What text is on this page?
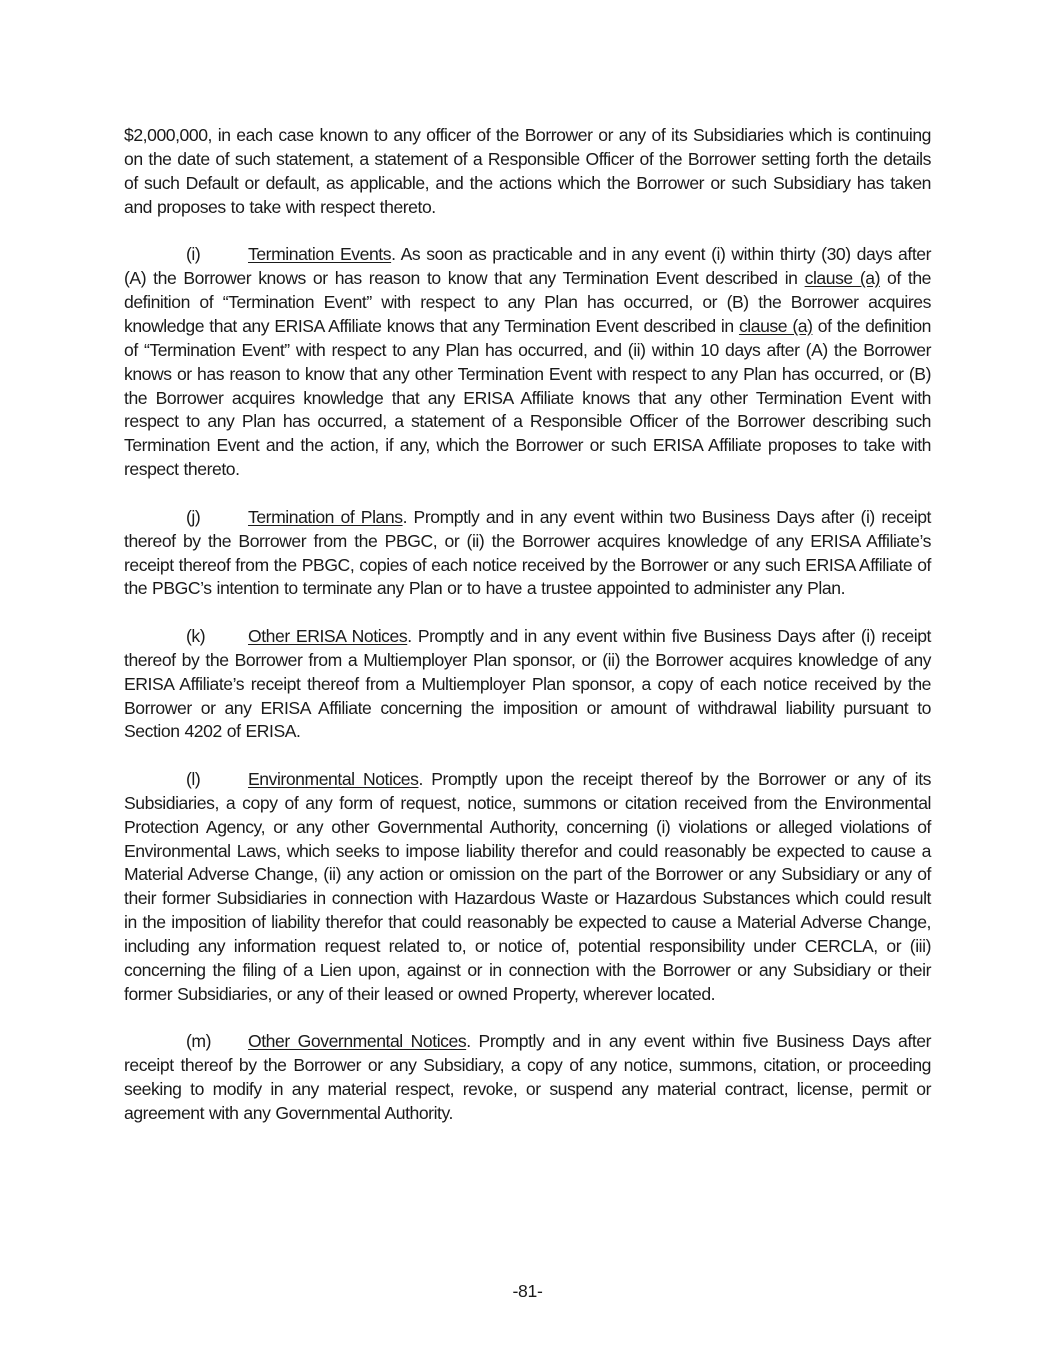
$2,000,000, in each case known to any officer of the Borrower or any of its Subsidiaries which is continuing on the date of such statement, a statement of a Responsible Officer of the Borrower setting forth the details of such Default or default, as applicable, and the actions which the Borrower or such Subsidiary has taken and proposes to take with respect thereto.

(i)	Termination Events. As soon as practicable and in any event (i) within thirty (30) days after (A) the Borrower knows or has reason to know that any Termination Event described in clause (a) of the definition of “Termination Event” with respect to any Plan has occurred, or (B) the Borrower acquires knowledge that any ERISA Affiliate knows that any Termination Event described in clause (a) of the definition of “Termination Event” with respect to any Plan has occurred, and (ii) within 10 days after (A) the Borrower knows or has reason to know that any other Termination Event with respect to any Plan has occurred, or (B) the Borrower acquires knowledge that any ERISA Affiliate knows that any other Termination Event with respect to any Plan has occurred, a statement of a Responsible Officer of the Borrower describing such Termination Event and the action, if any, which the Borrower or such ERISA Affiliate proposes to take with respect thereto.

(j)	Termination of Plans. Promptly and in any event within two Business Days after (i) receipt thereof by the Borrower from the PBGC, or (ii) the Borrower acquires knowledge of any ERISA Affiliate’s receipt thereof from the PBGC, copies of each notice received by the Borrower or any such ERISA Affiliate of the PBGC’s intention to terminate any Plan or to have a trustee appointed to administer any Plan.

(k) Other ERISA Notices. Promptly and in any event within five Business Days after (i) receipt thereof by the Borrower from a Multiemployer Plan sponsor, or (ii) the Borrower acquires knowledge of any ERISA Affiliate’s receipt thereof from a Multiemployer Plan sponsor, a copy of each notice received by the Borrower or any ERISA Affiliate concerning the imposition or amount of withdrawal liability pursuant to Section 4202 of ERISA.

(l)	Environmental Notices. Promptly upon the receipt thereof by the Borrower or any of its Subsidiaries, a copy of any form of request, notice, summons or citation received from the Environmental Protection Agency, or any other Governmental Authority, concerning (i) violations or alleged violations of Environmental Laws, which seeks to impose liability therefor and could reasonably be expected to cause a Material Adverse Change, (ii) any action or omission on the part of the Borrower or any Subsidiary or any of their former Subsidiaries in connection with Hazardous Waste or Hazardous Substances which could result in the imposition of liability therefor that could reasonably be expected to cause a Material Adverse Change, including any information request related to, or notice of, potential responsibility under CERCLA, or (iii) concerning the filing of a Lien upon, against or in connection with the Borrower or any Subsidiary or their former Subsidiaries, or any of their leased or owned Property, wherever located.

(m) Other Governmental Notices. Promptly and in any event within five Business Days after receipt thereof by the Borrower or any Subsidiary, a copy of any notice, summons, citation, or proceeding seeking to modify in any material respect, revoke, or suspend any material contract, license, permit or agreement with any Governmental Authority.

-81-
